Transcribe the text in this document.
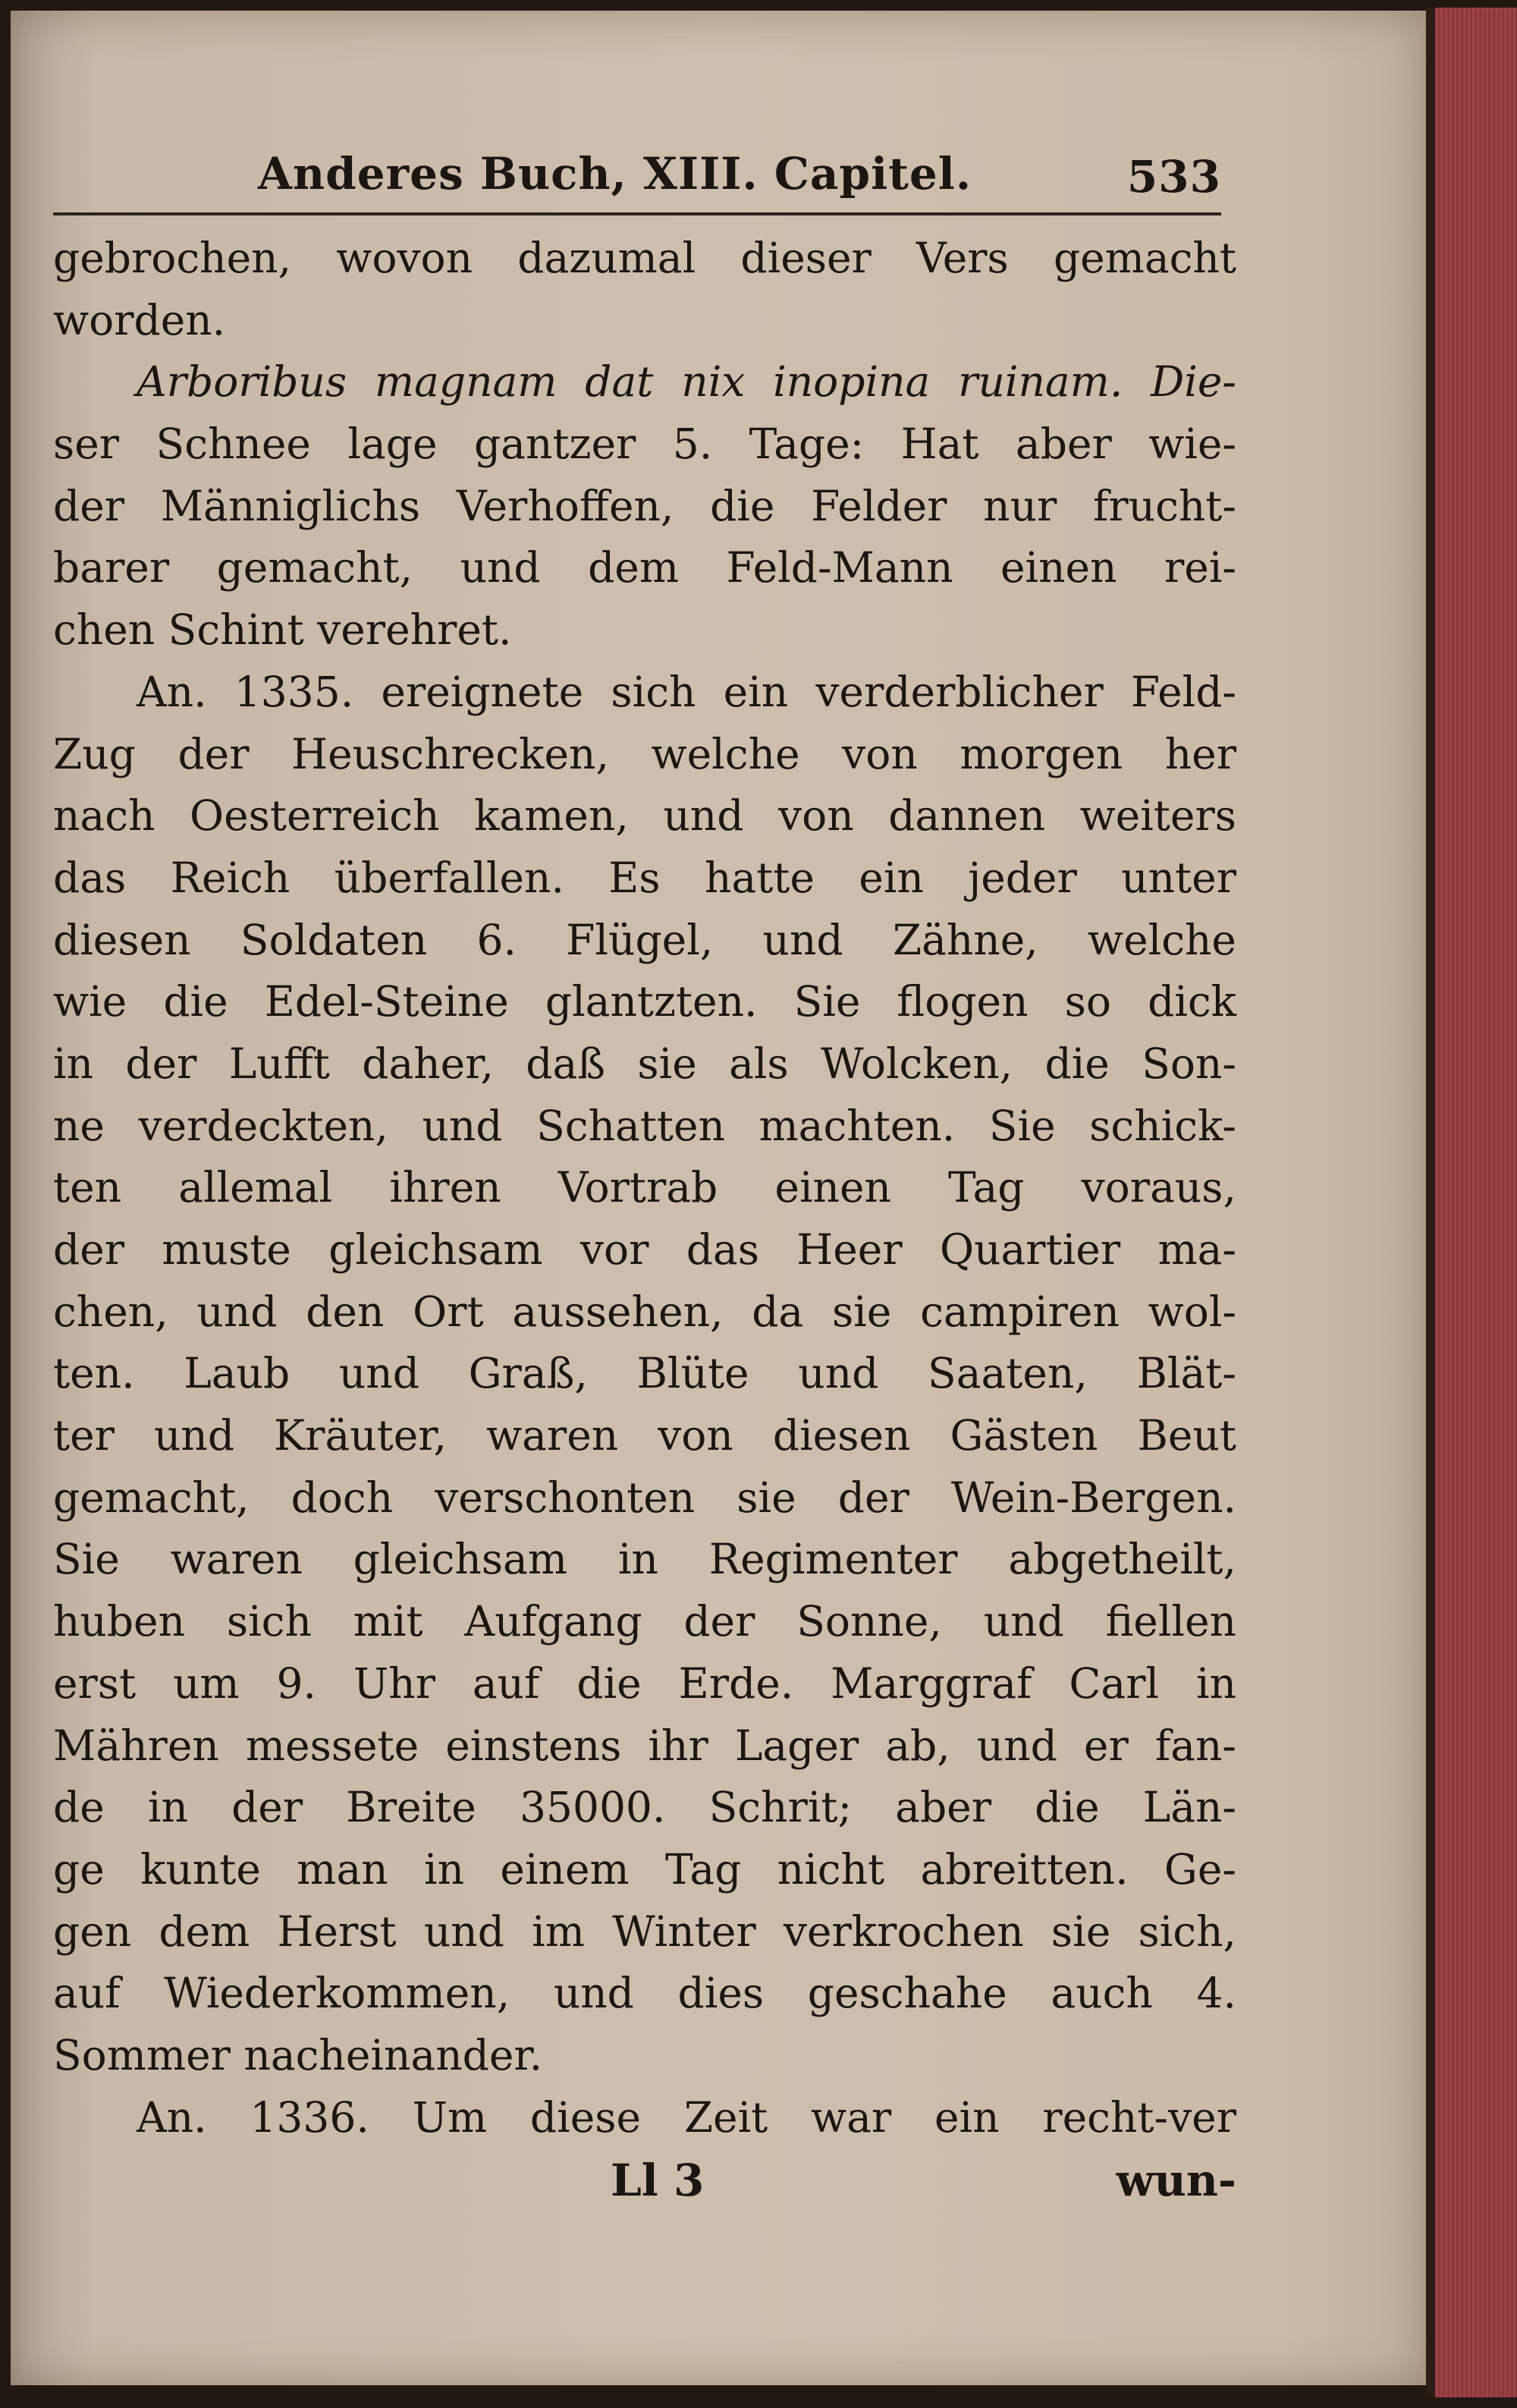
Anderes Buch, XIII. Capitel.	533
gebrochen, wovon dazumal dieser Vers gemacht
worden.
Arboribus magnam dat nix inopina ruinam. Die-
ser Schnee lage gantzer 5. Tage: Hat aber wie-
der Männiglichs Verhoffen, die Felder nur frucht-
barer gemacht, und dem Feld-Mann einen rei-
chen Schint verehret.
An. 1335. ereignete sich ein verderblicher Feld-
Zug der Heuschrecken, welche von morgen her
nach Oesterreich kamen, und von dannen weiters
das Reich überfallen. Es hatte ein jeder unter
diesen Soldaten 6. Flügel, und Zähne, welche
wie die Edel-Steine glantzten. Sie flogen so dick
in der Lufft daher, daß sie als Wolcken, die Son-
ne verdeckten, und Schatten machten. Sie schick-
ten allemal ihren Vortrab einen Tag voraus,
der muste gleichsam vor das Heer Quartier ma-
chen, und den Ort aussehen, da sie campiren wol-
ten. Laub und Graß, Blüte und Saaten, Blät-
ter und Kräuter, waren von diesen Gästen Beut
gemacht, doch verschonten sie der Wein-Bergen.
Sie waren gleichsam in Regimenter abgetheilt,
huben sich mit Aufgang der Sonne, und fiellen
erst um 9. Uhr auf die Erde. Marggraf Carl in
Mähren messete einstens ihr Lager ab, und er fan-
de in der Breite 35000. Schrit; aber die Län-
ge kunte man in einem Tag nicht abreitten. Ge-
gen dem Herst und im Winter verkrochen sie sich,
auf Wiederkommen, und dies geschahe auch 4.
Sommer nacheinander.
An. 1336. Um diese Zeit war ein recht-ver
Ll 3	wun-
